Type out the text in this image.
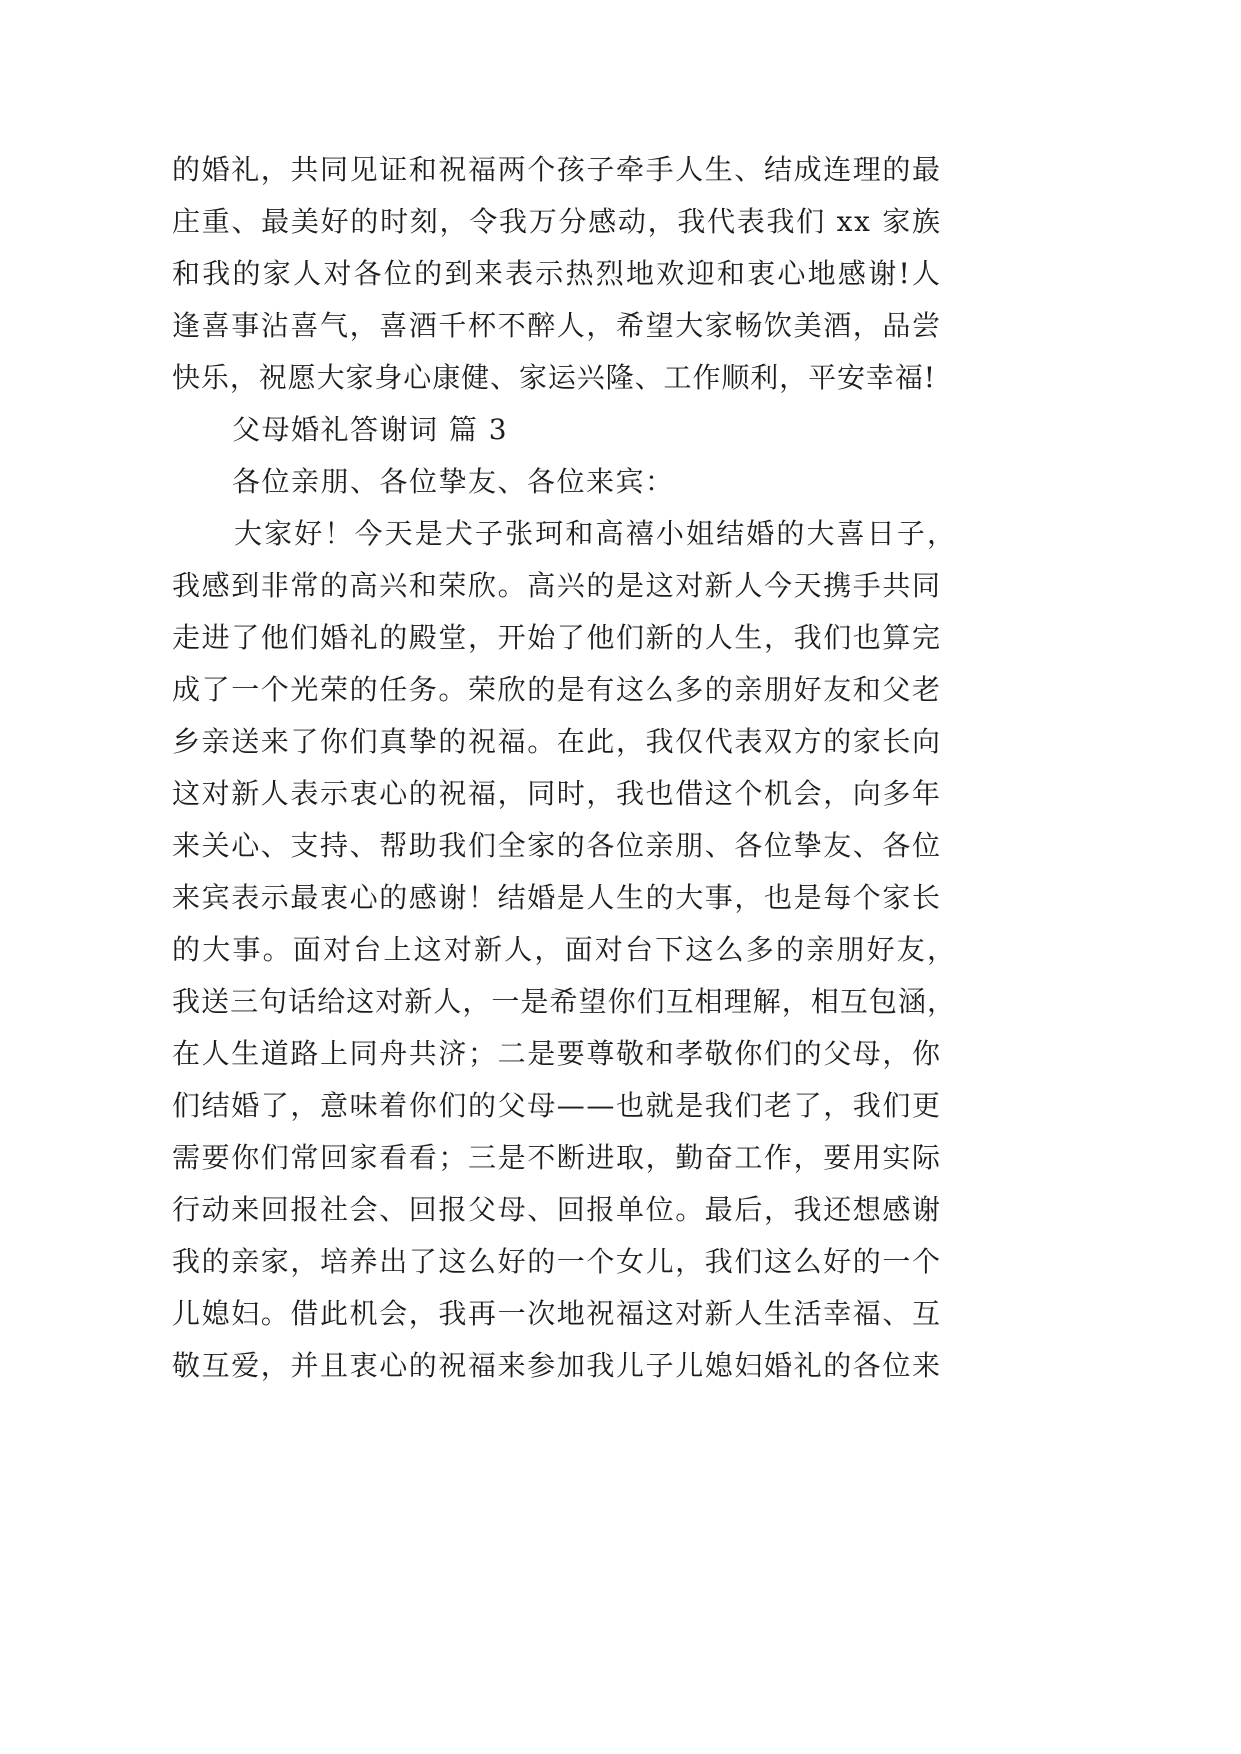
的婚礼，共同见证和祝福两个孩子牵手人生、结成连理的最
庄重、最美好的时刻，令我万分感动，我代表我们 xx 家族
和我的家人对各位的到来表示热烈地欢迎和衷心地感谢!人
逢喜事沾喜气，喜酒千杯不醉人，希望大家畅饮美酒，品尝
快乐，祝愿大家身心康健、家运兴隆、工作顺利，平安幸福!
父母婚礼答谢词 篇 3
各位亲朋、各位挚友、各位来宾：
大家好！今天是犬子张珂和高禧小姐结婚的大喜日子，
我感到非常的高兴和荣欣。高兴的是这对新人今天携手共同
走进了他们婚礼的殿堂，开始了他们新的人生，我们也算完
成了一个光荣的任务。荣欣的是有这么多的亲朋好友和父老
乡亲送来了你们真挚的祝福。在此，我仅代表双方的家长向
这对新人表示衷心的祝福，同时，我也借这个机会，向多年
来关心、支持、帮助我们全家的各位亲朋、各位挚友、各位
来宾表示最衷心的感谢！结婚是人生的大事，也是每个家长
的大事。面对台上这对新人，面对台下这么多的亲朋好友，
我送三句话给这对新人，一是希望你们互相理解，相互包涵，
在人生道路上同舟共济；二是要尊敬和孝敬你们的父母，你
们结婚了，意味着你们的父母——也就是我们老了，我们更
需要你们常回家看看；三是不断进取，勤奋工作，要用实际
行动来回报社会、回报父母、回报单位。最后，我还想感谢
我的亲家，培养出了这么好的一个女儿，我们这么好的一个
儿媳妇。借此机会，我再一次地祝福这对新人生活幸福、互
敬互爱，并且衷心的祝福来参加我儿子儿媳妇婚礼的各位来
